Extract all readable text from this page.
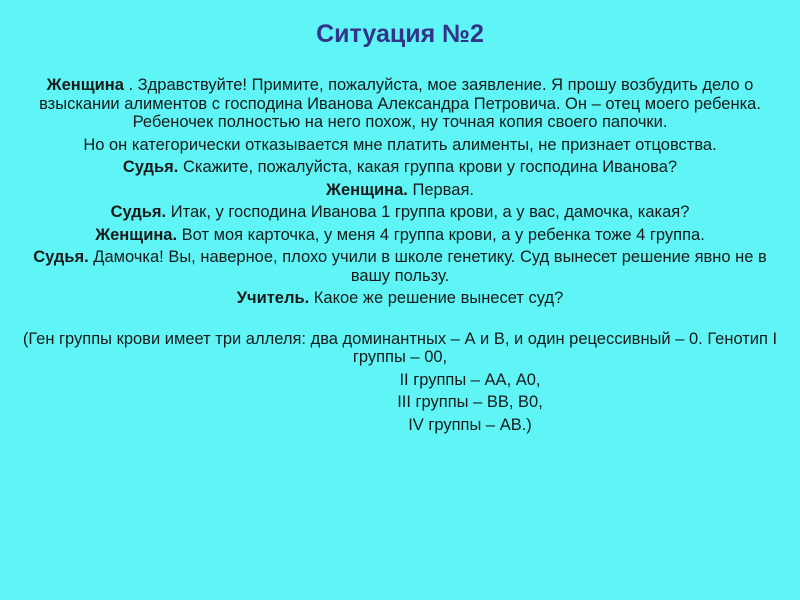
Ситуация №2

Женщина . Здравствуйте! Примите, пожалуйста, мое заявление. Я прошу возбудить дело о взыскании алиментов с господина Иванова Александра Петровича. Он – отец моего ребенка. Ребеночек полностью на него похож, ну точная копия своего папочки.

Но он категорически отказывается мне платить алименты, не признает отцовства.

Судья. Скажите, пожалуйста, какая группа крови у господина Иванова?

Женщина. Первая.

Судья. Итак, у господина Иванова 1 группа крови, а у вас, дамочка, какая?

Женщина. Вот моя карточка, у меня 4 группа крови, а у ребенка тоже 4 группа.

Судья. Дамочка! Вы, наверное, плохо учили в школе генетику. Суд вынесет решение явно не в вашу пользу.

Учитель. Какое же решение вынесет суд?

(Ген группы крови имеет три аллеля: два доминантных – А и В, и один рецессивный – 0. Генотип I группы – 00,

II группы – АА, А0,

III группы – ВВ, В0,

IV группы – АВ.)
